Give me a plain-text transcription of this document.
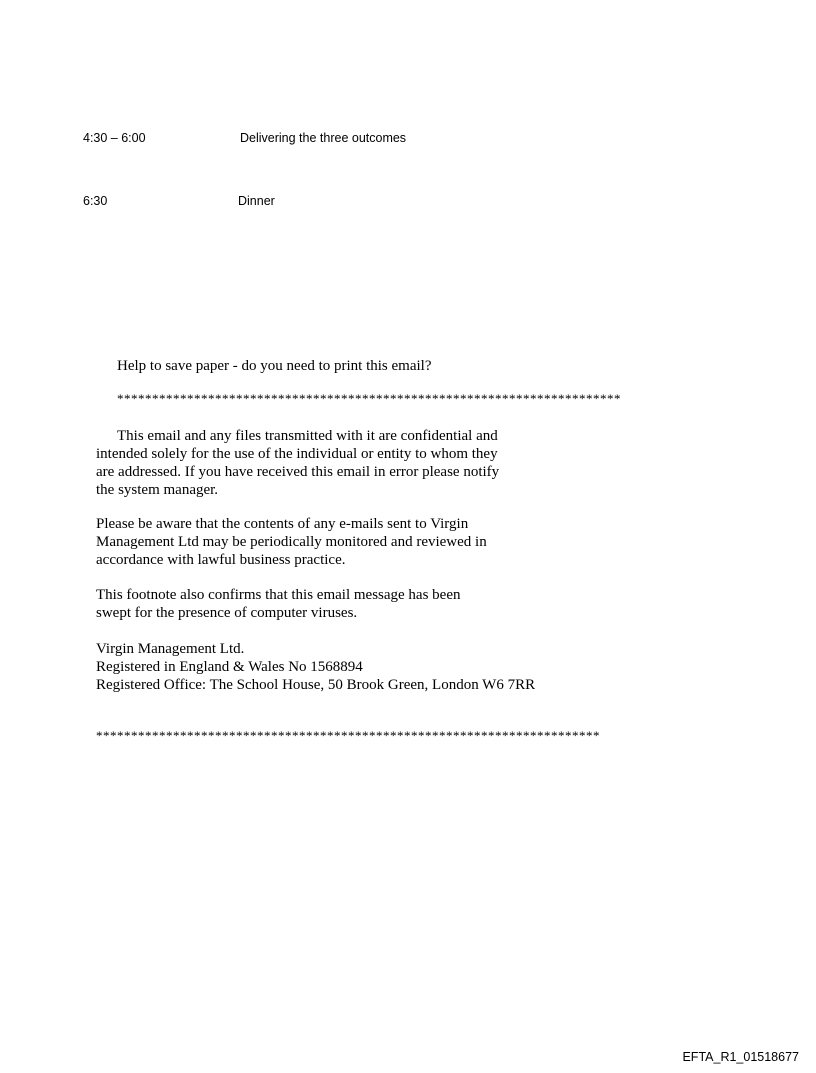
4:30 – 6:00	Delivering the three outcomes
6:30	Dinner
Help to save paper - do you need to print this email?
************************************************************************
This email and any files transmitted with it are confidential and
intended solely for the use of the individual or entity to whom they
are addressed. If you have received this email in error please notify
the system manager.
Please be aware that the contents of any e-mails sent to Virgin
Management Ltd may be periodically monitored and reviewed in
accordance with lawful business practice.
This footnote also confirms that this email message has been
swept for the presence of computer viruses.
Virgin Management Ltd.
Registered in England & Wales No 1568894
Registered Office: The School House, 50 Brook Green, London W6 7RR
************************************************************************
EFTA_R1_01518677
